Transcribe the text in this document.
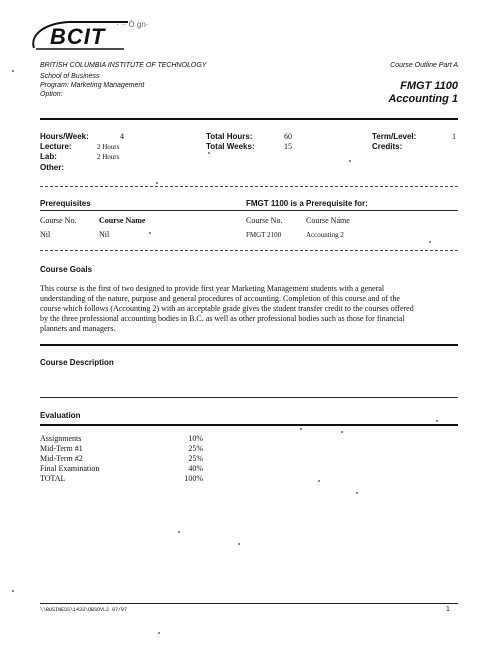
BCIT · ·· Ò gn·
BRITISH COLUMBIA INSTITUTE OF TECHNOLOGY
School of Business
Program: Marketing Management
Option:
Course Outline Part A
FMGT 1100
Accounting 1
Hours/Week:	4
Lecture:	2 Hours
Lab:	2 Hours
Other:
Total Hours:	60
Total Weeks:	15
Term/Level:	1
Credits:
Prerequisites	FMGT 1100 is a Prerequisite for:
Course No.	Course Name
Nil	Nil
Course No.	Course Name
FMGT 2100	Accounting 2
Course Goals
This course is the first of two designed to provide first year Marketing Management students with a general
understanding of the nature, purpose and general procedures of accounting. Completion of this course and of the
course which follows (Accounting 2) with an acceptable grade gives the student transfer credit to the courses offered
by the three professional accounting bodies in B.C. as well as other professional bodies such as those for financial
planners and managers.
Course Description
Evaluation
Assignments	10%
Mid-Term #1	25%
Mid-Term #2	25%
Final Examination	40%
TOTAL	100%
\\BUSINESS\1433\OBSOVL2 07/97	1
